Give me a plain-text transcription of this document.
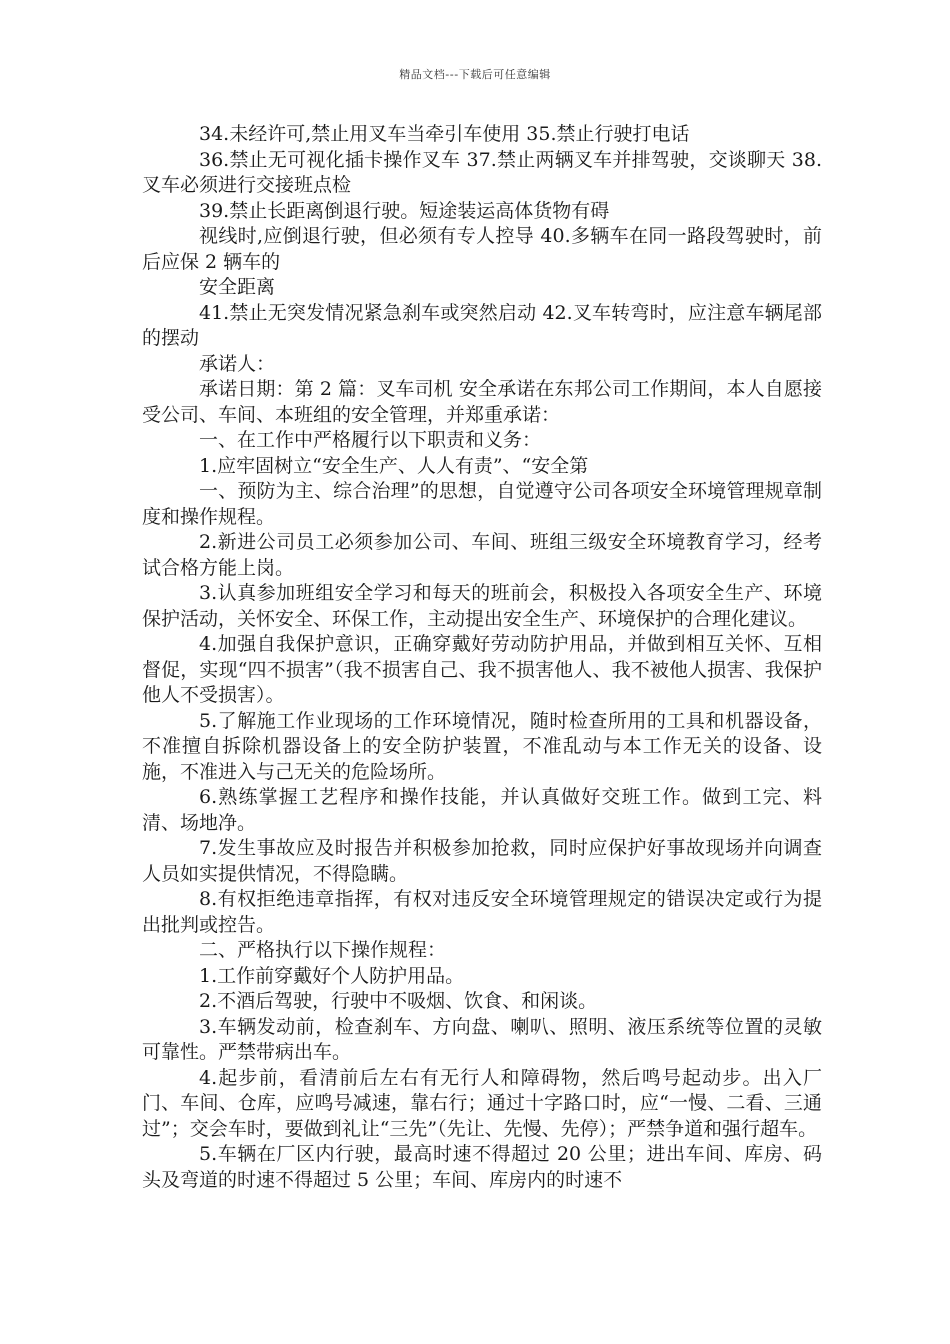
精品文档---下载后可任意编辑

34.未经许可,禁止用叉车当牵引车使用 35.禁止行驶打电话

36.禁止无可视化插卡操作叉车 37.禁止两辆叉车并排驾驶，交谈聊天 38.叉车必须进行交接班点检

39.禁止长距离倒退行驶。短途装运高体货物有碍

视线时,应倒退行驶，但必须有专人控导 40.多辆车在同一路段驾驶时，前后应保 2 辆车的

安全距离

41.禁止无突发情况紧急刹车或突然启动 42.叉车转弯时，应注意车辆尾部的摆动

承诺人：

承诺日期：第 2 篇：叉车司机 安全承诺在东邦公司工作期间，本人自愿接受公司、车间、本班组的安全管理，并郑重承诺：

一、在工作中严格履行以下职责和义务：

1.应牢固树立“安全生产、人人有责”、“安全第

一、预防为主、综合治理”的思想，自觉遵守公司各项安全环境管理规章制度和操作规程。

2.新进公司员工必须参加公司、车间、班组三级安全环境教育学习，经考试合格方能上岗。

3.认真参加班组安全学习和每天的班前会，积极投入各项安全生产、环境保护活动，关怀安全、环保工作，主动提出安全生产、环境保护的合理化建议。

4.加强自我保护意识，正确穿戴好劳动防护用品，并做到相互关怀、互相督促，实现“四不损害”（我不损害自己、我不损害他人、我不被他人损害、我保护他人不受损害）。

5.了解施工作业现场的工作环境情况，随时检查所用的工具和机器设备，不准擅自拆除机器设备上的安全防护装置，不准乱动与本工作无关的设备、设施，不准进入与己无关的危险场所。

6.熟练掌握工艺程序和操作技能，并认真做好交班工作。做到工完、料清、场地净。

7.发生事故应及时报告并积极参加抢救，同时应保护好事故现场并向调查人员如实提供情况，不得隐瞒。

8.有权拒绝违章指挥，有权对违反安全环境管理规定的错误决定或行为提出批判或控告。

二、严格执行以下操作规程：

1.工作前穿戴好个人防护用品。

2.不酒后驾驶，行驶中不吸烟、饮食、和闲谈。

3.车辆发动前，检查刹车、方向盘、喇叭、照明、液压系统等位置的灵敏可靠性。严禁带病出车。

4.起步前，看清前后左右有无行人和障碍物，然后鸣号起动步。出入厂门、车间、仓库，应鸣号减速，靠右行；通过十字路口时，应“一慢、二看、三通过”；交会车时，要做到礼让“三先”（先让、先慢、先停）；严禁争道和强行超车。

5.车辆在厂区内行驶，最高时速不得超过 20 公里；进出车间、库房、码头及弯道的时速不得超过 5 公里；车间、库房内的时速不
